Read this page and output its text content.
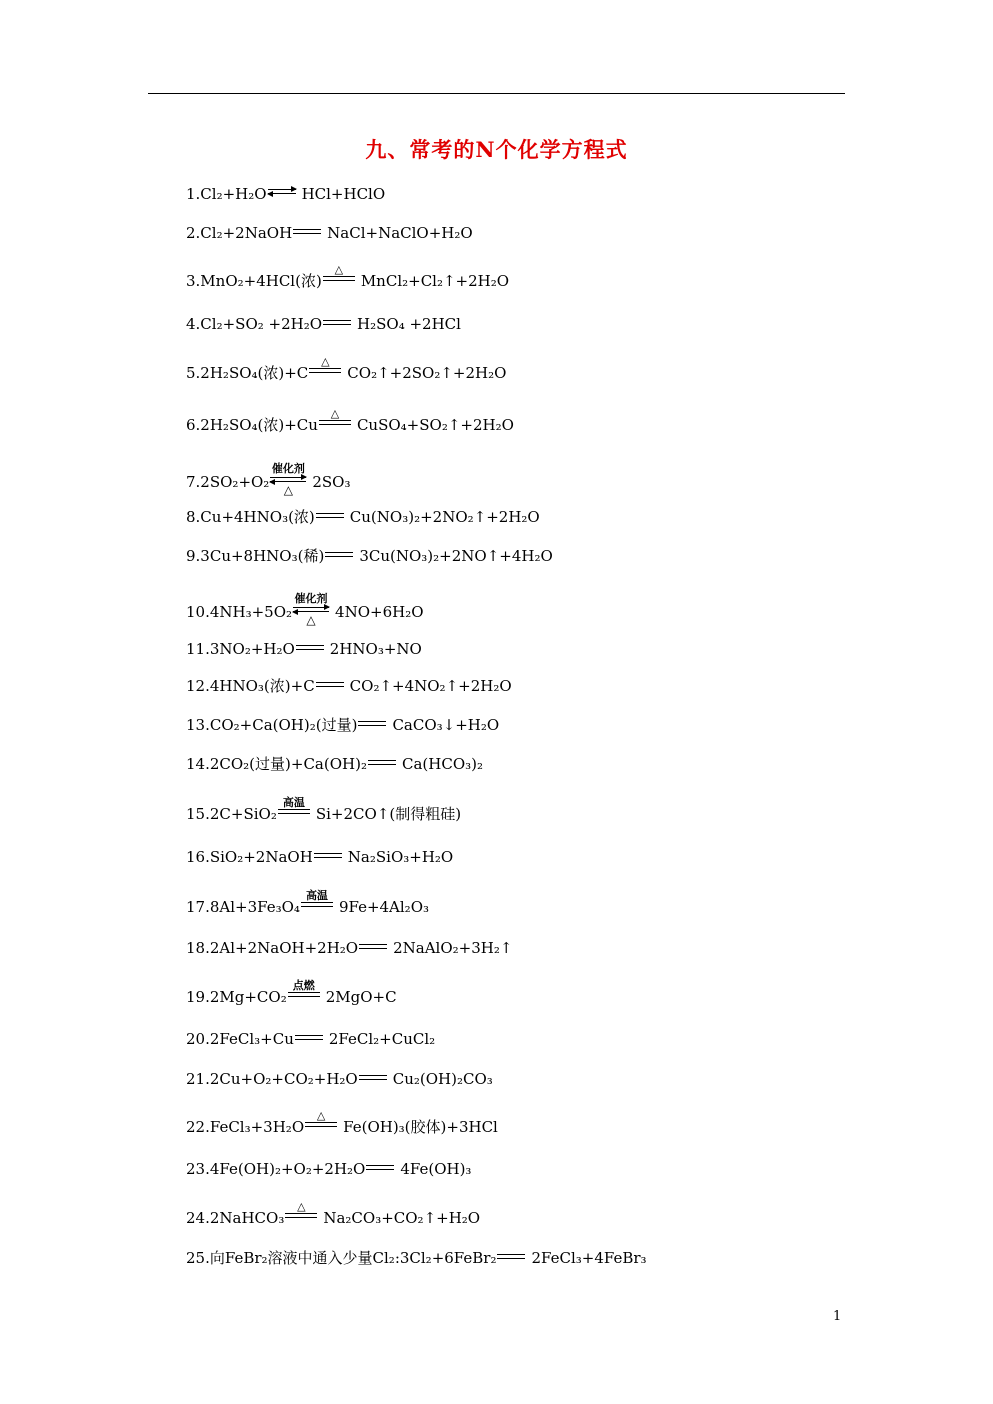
九、常考的N个化学方程式
1.Cl₂+H₂O⇌ HCl+HClO
2.Cl₂+2NaOH NaCl+NaClO+H₂O
3.MnO₂+4HCl(浓)
△
MnCl₂+Cl₂↑+2H₂O
4.Cl₂+SO₂ +2H₂O H₂SO₄ +2HCl
5.2H₂SO₄(浓)+C
△
CO₂↑+2SO₂↑+2H₂O
6.2H₂SO₄(浓)+Cu
△
CuSO₄+SO₂↑+2H₂O
7.2SO₂+O₂
催化剂
△	2SO₃
8.Cu+4HNO₃(浓) Cu(NO₃)₂+2NO₂↑+2H₂O
9.3Cu+8HNO₃(稀) 3Cu(NO₃)₂+2NO↑+4H₂O
10.4NH₃+5O₂
催化剂
△	4NO+6H₂O
11.3NO₂+H₂O 2HNO₃+NO
12.4HNO₃(浓)+C CO₂↑+4NO₂↑+2H₂O
13.CO₂+Ca(OH)₂(过量) CaCO₃↓+H₂O
14.2CO₂(过量)+Ca(OH)₂ Ca(HCO₃)₂
15.2C+SiO₂
高温
Si+2CO↑(制得粗硅)
16.SiO₂+2NaOH Na₂SiO₃+H₂O
17.8Al+3Fe₃O₄
高温
9Fe+4Al₂O₃
18.2Al+2NaOH+2H₂O 2NaAlO₂+3H₂↑
19.2Mg+CO₂
点燃
2MgO+C
20.2FeCl₃+Cu 2FeCl₂+CuCl₂
21.2Cu+O₂+CO₂+H₂O Cu₂(OH)₂CO₃
22.FeCl₃+3H₂O
△
Fe(OH)₃(胶体)+3HCl
23.4Fe(OH)₂+O₂+2H₂O 4Fe(OH)₃
24.2NaHCO₃
△
Na₂CO₃+CO₂↑+H₂O
25.向FeBr₂溶液中通入少量Cl₂:3Cl₂+6FeBr₂ 2FeCl₃+4FeBr₃
1
